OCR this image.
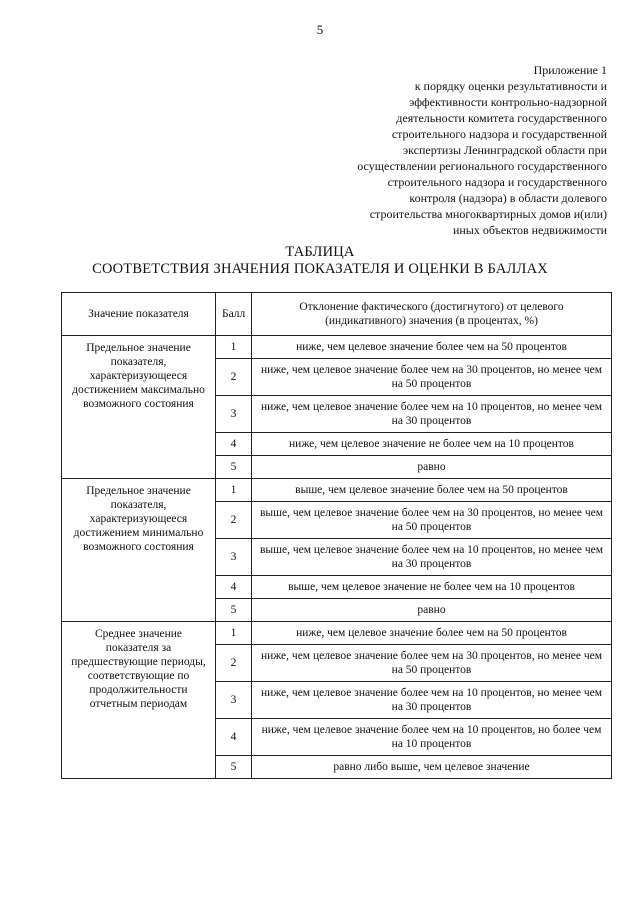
5
Приложение 1
к порядку оценки результативности и
эффективности контрольно-надзорной
деятельности комитета государственного
строительного надзора и государственной
экспертизы Ленинградской области при
осуществлении регионального государственного
строительного надзора и государственного
контроля (надзора) в области долевого
строительства многоквартирных домов и(или)
иных объектов недвижимости
ТАБЛИЦА
СООТВЕТСТВИЯ ЗНАЧЕНИЯ ПОКАЗАТЕЛЯ И ОЦЕНКИ В БАЛЛАХ
Значение показателя	Балл	Отклонение фактического (достигнутого) от целевого (индикативного) значения (в процентах, %)
Предельное значение показателя, характеризующееся достижением максимально возможного состояния	1	ниже, чем целевое значение более чем на 50 процентов
	2	ниже, чем целевое значение более чем на 30 процентов, но менее чем на 50 процентов
	3	ниже, чем целевое значение более чем на 10 процентов, но менее чем на 30 процентов
	4	ниже, чем целевое значение не более чем на 10 процентов
	5	равно
Предельное значение показателя, характеризующееся достижением минимально возможного состояния	1	выше, чем целевое значение более чем на 50 процентов
	2	выше, чем целевое значение более чем на 30 процентов, но менее чем на 50 процентов
	3	выше, чем целевое значение более чем на 10 процентов, но менее чем на 30 процентов
	4	выше, чем целевое значение не более чем на 10 процентов
	5	равно
Среднее значение показателя за предшествующие периоды, соответствующие по продолжительности отчетным периодам	1	ниже, чем целевое значение более чем на 50 процентов
	2	ниже, чем целевое значение более чем на 30 процентов, но менее чем на 50 процентов
	3	ниже, чем целевое значение более чем на 10 процентов, но менее чем на 30 процентов
	4	ниже, чем целевое значение более чем на 10 процентов, но более чем на 10 процентов
	5	равно либо выше, чем целевое значение
